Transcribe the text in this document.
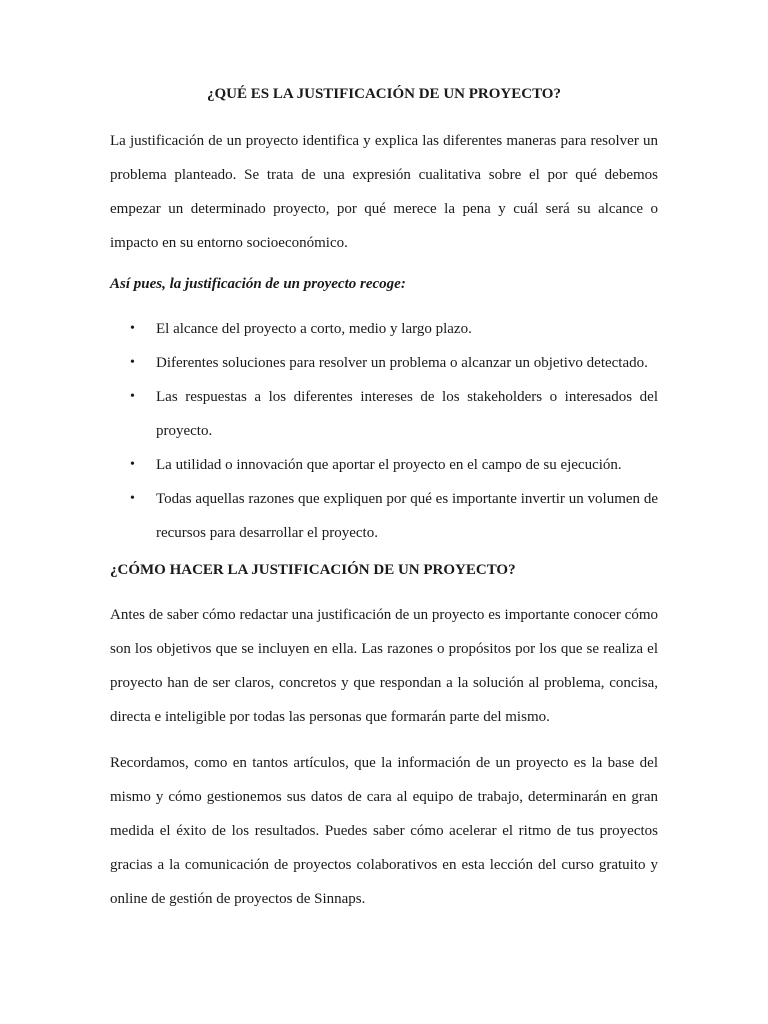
¿QUÉ ES LA JUSTIFICACIÓN DE UN PROYECTO?

La justificación de un proyecto identifica y explica las diferentes maneras para resolver un problema planteado. Se trata de una expresión cualitativa sobre el por qué debemos empezar un determinado proyecto, por qué merece la pena y cuál será su alcance o impacto en su entorno socioeconómico.

Así pues, la justificación de un proyecto recoge:

• El alcance del proyecto a corto, medio y largo plazo.
• Diferentes soluciones para resolver un problema o alcanzar un objetivo detectado.
• Las respuestas a los diferentes intereses de los stakeholders o interesados del proyecto.
• La utilidad o innovación que aportar el proyecto en el campo de su ejecución.
• Todas aquellas razones que expliquen por qué es importante invertir un volumen de recursos para desarrollar el proyecto.
¿CÓMO HACER LA JUSTIFICACIÓN DE UN PROYECTO?

Antes de saber cómo redactar una justificación de un proyecto es importante conocer cómo son los objetivos que se incluyen en ella. Las razones o propósitos por los que se realiza el proyecto han de ser claros, concretos y que respondan a la solución al problema, concisa, directa e inteligible por todas las personas que formarán parte del mismo.

Recordamos, como en tantos artículos, que la información de un proyecto es la base del mismo y cómo gestionemos sus datos de cara al equipo de trabajo, determinarán en gran medida el éxito de los resultados. Puedes saber cómo acelerar el ritmo de tus proyectos gracias a la comunicación de proyectos colaborativos en esta lección del curso gratuito y online de gestión de proyectos de Sinnaps.
